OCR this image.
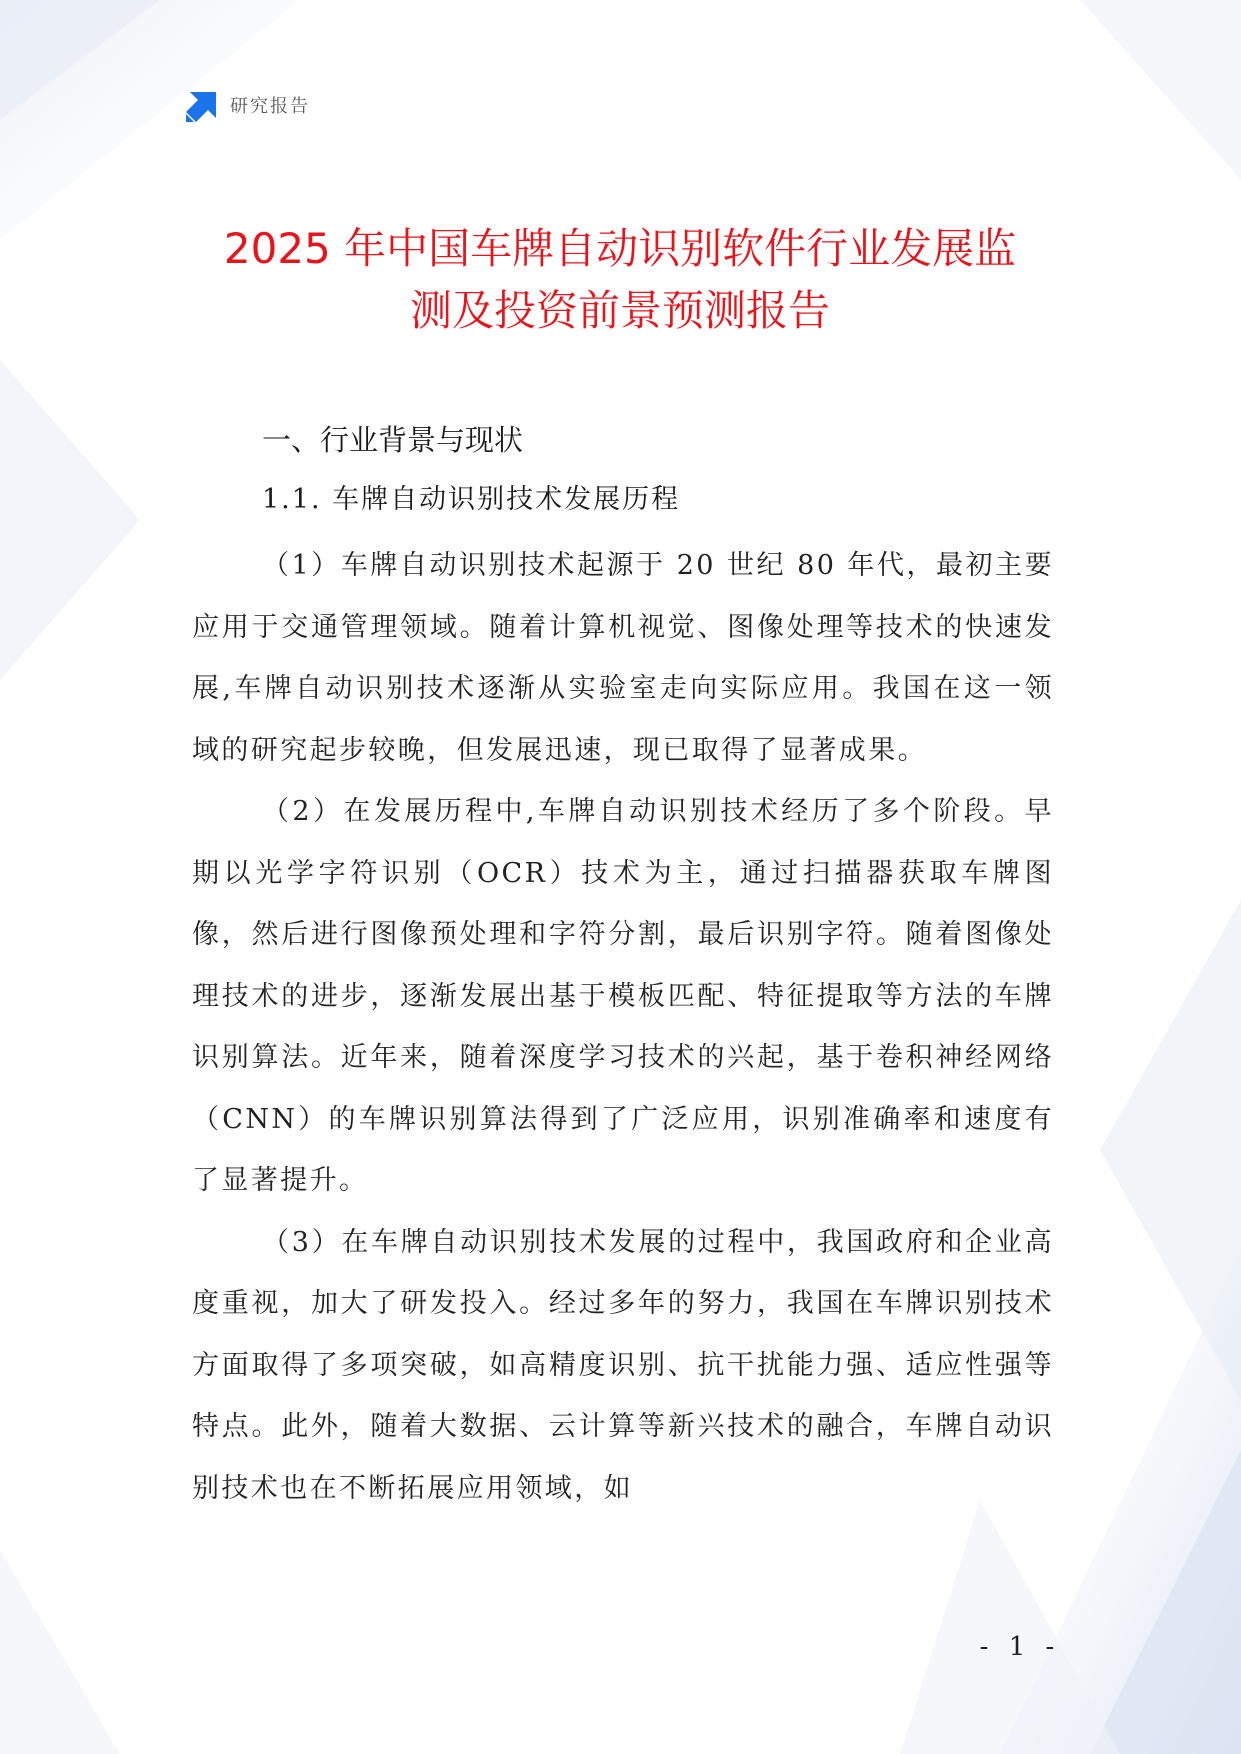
研究报告
2025 年中国车牌自动识别软件行业发展监
测及投资前景预测报告
一、行业背景与现状
1.1. 车牌自动识别技术发展历程

（1）车牌自动识别技术起源于 20 世纪 80 年代，最初主要应用于交通管理领域。随着计算机视觉、图像处理等技术的快速发展,车牌自动识别技术逐渐从实验室走向实际应用。我国在这一领域的研究起步较晚，但发展迅速，现已取得了显著成果。

（2）在发展历程中,车牌自动识别技术经历了多个阶段。早期以光学字符识别（OCR）技术为主，通过扫描器获取车牌图像，然后进行图像预处理和字符分割，最后识别字符。随着图像处理技术的进步，逐渐发展出基于模板匹配、特征提取等方法的车牌识别算法。近年来，随着深度学习技术的兴起，基于卷积神经网络（CNN）的车牌识别算法得到了广泛应用，识别准确率和速度有了显著提升。

（3）在车牌自动识别技术发展的过程中，我国政府和企业高度重视，加大了研发投入。经过多年的努力，我国在车牌识别技术方面取得了多项突破，如高精度识别、抗干扰能力强、适应性强等特点。此外，随着大数据、云计算等新兴技术的融合，车牌自动识别技术也在不断拓展应用领域，如

- 1 -
